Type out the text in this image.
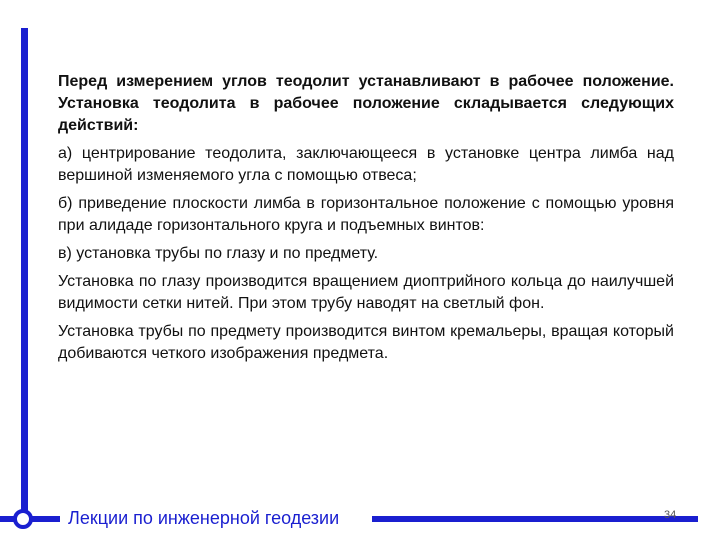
Перед измерением углов теодолит устанавливают в рабочее положение. Установка теодолита в рабочее положение складывается следующих действий:

а) центрирование теодолита, заключающееся в установке центра лимба над вершиной изменяемого угла с помощью отвеса;

б) приведение плоскости лимба в горизонтальное положение с помощью уровня при алидаде горизонтального круга и подъемных винтов:

в) установка трубы по глазу и по предмету.

Установка по глазу производится вращением диоптрийного кольца до наилучшей видимости сетки нитей. При этом трубу наводят на светлый фон.

Установка трубы по предмету производится винтом кремальеры, вращая который добиваются четкого изображения предмета.

Лекции по инженерной геодезии	34
